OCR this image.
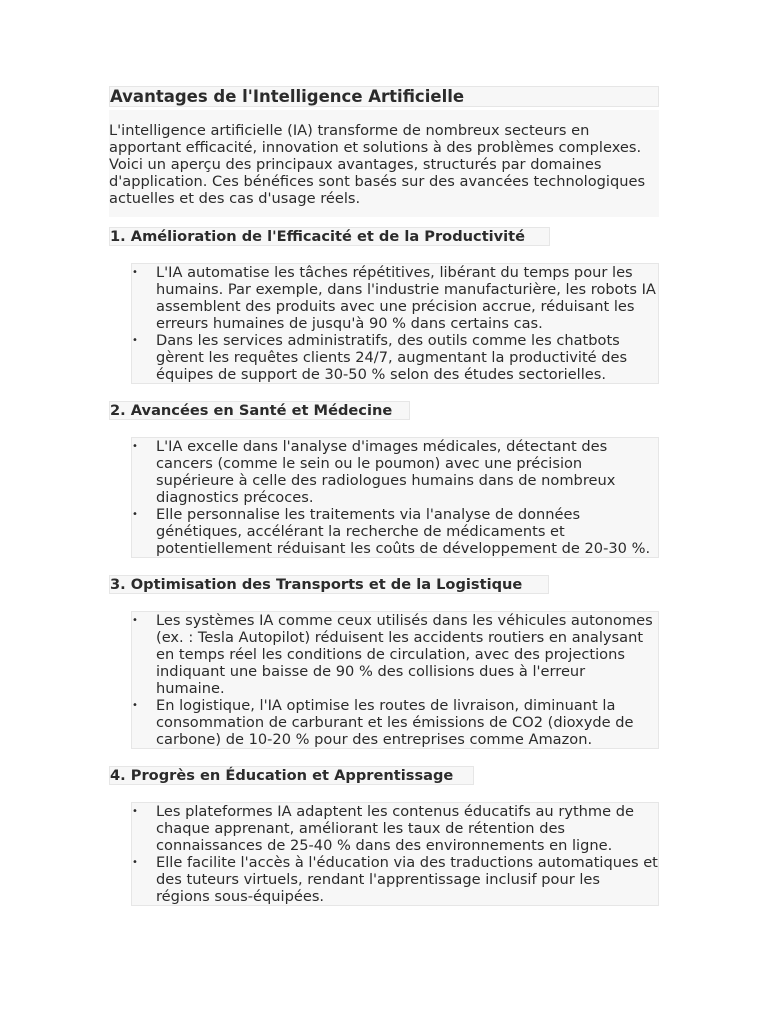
Avantages de l'Intelligence Artificielle

L'intelligence artificielle (IA) transforme de nombreux secteurs en apportant efficacité, innovation et solutions à des problèmes complexes. Voici un aperçu des principaux avantages, structurés par domaines d'application. Ces bénéfices sont basés sur des avancées technologiques actuelles et des cas d'usage réels.

1. Amélioration de l'Efficacité et de la Productivité
• L'IA automatise les tâches répétitives, libérant du temps pour les humains. Par exemple, dans l'industrie manufacturière, les robots IA assemblent des produits avec une précision accrue, réduisant les erreurs humaines de jusqu'à 90 % dans certains cas.
• Dans les services administratifs, des outils comme les chatbots gèrent les requêtes clients 24/7, augmentant la productivité des équipes de support de 30-50 % selon des études sectorielles.
2. Avancées en Santé et Médecine
• L'IA excelle dans l'analyse d'images médicales, détectant des cancers (comme le sein ou le poumon) avec une précision supérieure à celle des radiologues humains dans de nombreux diagnostics précoces.
• Elle personnalise les traitements via l'analyse de données génétiques, accélérant la recherche de médicaments et potentiellement réduisant les coûts de développement de 20-30 %.
3. Optimisation des Transports et de la Logistique
• Les systèmes IA comme ceux utilisés dans les véhicules autonomes (ex. : Tesla Autopilot) réduisent les accidents routiers en analysant en temps réel les conditions de circulation, avec des projections indiquant une baisse de 90 % des collisions dues à l'erreur humaine.
• En logistique, l'IA optimise les routes de livraison, diminuant la consommation de carburant et les émissions de CO2 (dioxyde de carbone) de 10-20 % pour des entreprises comme Amazon.
4. Progrès en Éducation et Apprentissage
• Les plateformes IA adaptent les contenus éducatifs au rythme de chaque apprenant, améliorant les taux de rétention des connaissances de 25-40 % dans des environnements en ligne.
• Elle facilite l'accès à l'éducation via des traductions automatiques et des tuteurs virtuels, rendant l'apprentissage inclusif pour les régions sous-équipées.
